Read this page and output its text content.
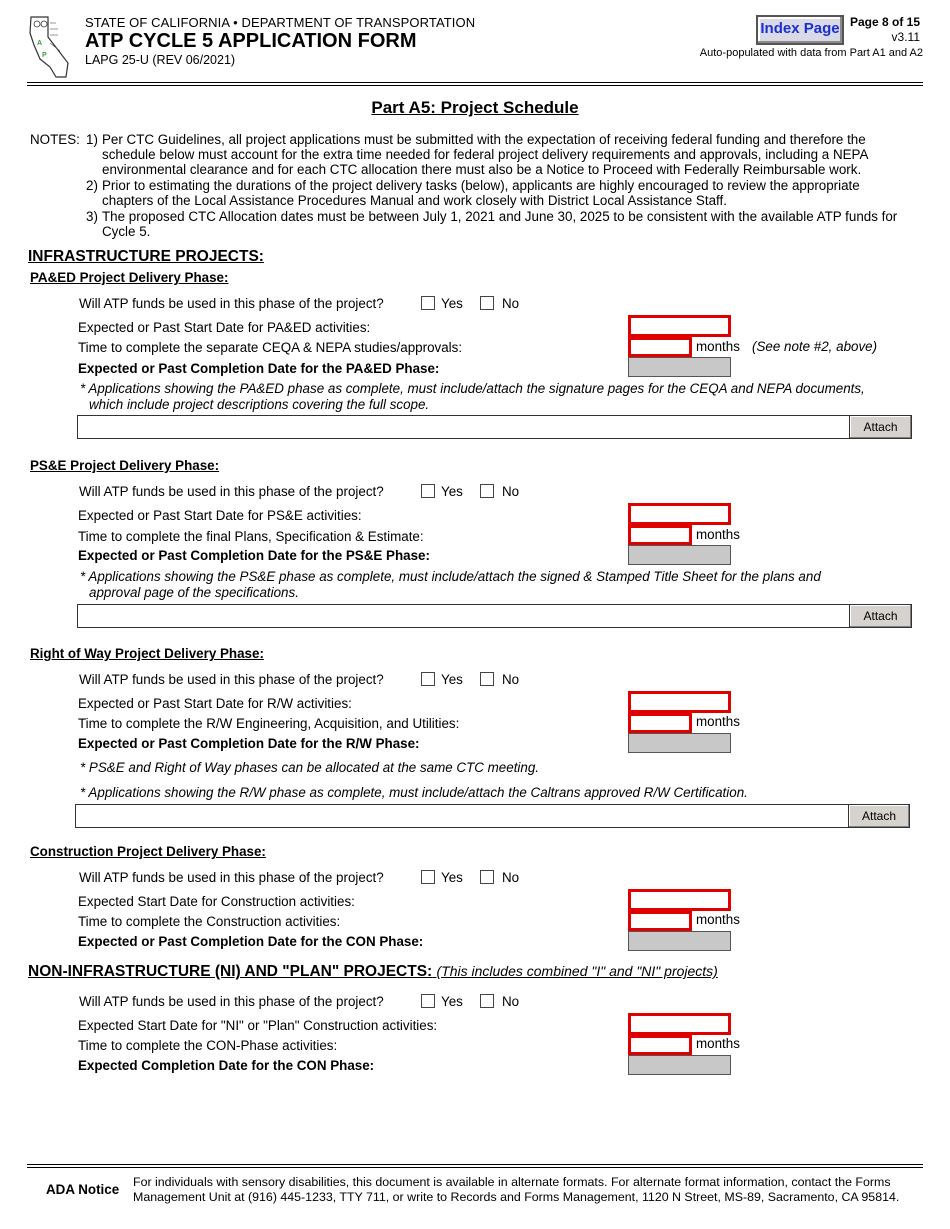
A
P
STATE OF CALIFORNIA • DEPARTMENT OF TRANSPORTATION
ATP CYCLE 5 APPLICATION FORM
LAPG 25-U (REV 06/2021)
Index Page Page 8 of 15
v3.11
Auto-populated with data from Part A1 and A2
Part A5: Project Schedule
NOTES: 1) Per CTC Guidelines, all project applications must be submitted with the expectation of receiving federal funding and therefore the schedule below must account for the extra time needed for federal project delivery requirements and approvals, including a NEPA environmental clearance and for each CTC allocation there must also be a Notice to Proceed with Federally Reimbursable work.
2) Prior to estimating the durations of the project delivery tasks (below), applicants are highly encouraged to review the appropriate chapters of the Local Assistance Procedures Manual and work closely with District Local Assistance Staff.
3) The proposed CTC Allocation dates must be between July 1, 2021 and June 30, 2025 to be consistent with the available ATP funds for Cycle 5.
INFRASTRUCTURE PROJECTS:
PA&ED Project Delivery Phase:
Will ATP funds be used in this phase of the project?	Yes	No
Expected or Past Start Date for PA&ED activities:
Time to complete the separate CEQA & NEPA studies/approvals:	months (See note #2, above)
Expected or Past Completion Date for the PA&ED Phase:
* Applications showing the PA&ED phase as complete, must include/attach the signature pages for the CEQA and NEPA documents,
which include project descriptions covering the full scope.
Attach
PS&E Project Delivery Phase:
Will ATP funds be used in this phase of the project?	Yes	No
Expected or Past Start Date for PS&E activities:
Time to complete the final Plans, Specification & Estimate:	months
Expected or Past Completion Date for the PS&E Phase:
* Applications showing the PS&E phase as complete, must include/attach the signed & Stamped Title Sheet for the plans and
approval page of the specifications.
Attach
Right of Way Project Delivery Phase:
Will ATP funds be used in this phase of the project?	Yes	No
Expected or Past Start Date for R/W activities:
Time to complete the R/W Engineering, Acquisition, and Utilities:	months
Expected or Past Completion Date for the R/W Phase:
* PS&E and Right of Way phases can be allocated at the same CTC meeting.
* Applications showing the R/W phase as complete, must include/attach the Caltrans approved R/W Certification.
Attach
Construction Project Delivery Phase:
Will ATP funds be used in this phase of the project?	Yes	No
Expected Start Date for Construction activities:
Time to complete the Construction activities:	months
Expected or Past Completion Date for the CON Phase:
NON-INFRASTRUCTURE (NI) AND "PLAN" PROJECTS: (This includes combined "I" and "NI" projects)
Will ATP funds be used in this phase of the project?	Yes	No
Expected Start Date for "NI" or "Plan" Construction activities:
Time to complete the CON-Phase activities:	months
Expected Completion Date for the CON Phase:
ADA Notice For individuals with sensory disabilities, this document is available in alternate formats. For alternate format information, contact the Forms
Management Unit at (916) 445-1233, TTY 711, or write to Records and Forms Management, 1120 N Street, MS-89, Sacramento, CA 95814.
